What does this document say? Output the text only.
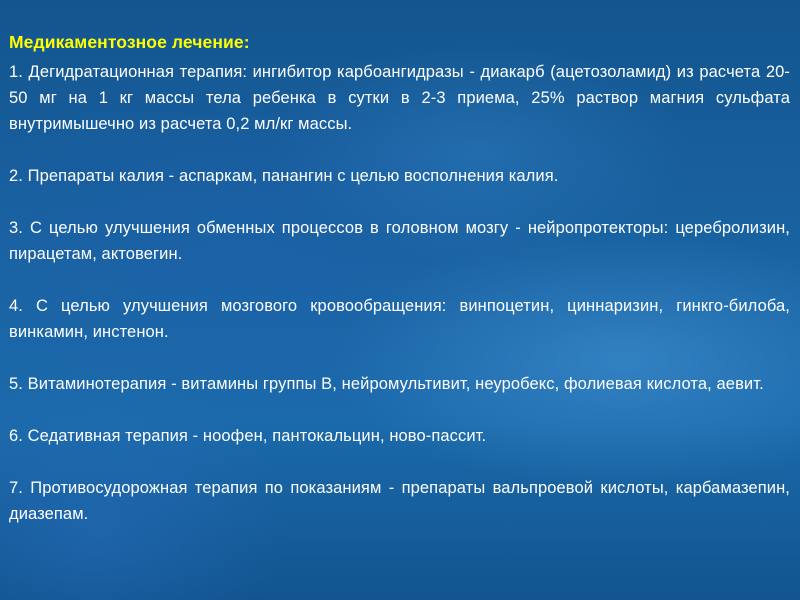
Медикаментозное лечение:
1. Дегидратационная терапия: ингибитор карбоангидразы - диакарб (ацетозоламид) из расчета 20-50 мг на 1 кг массы тела ребенка в сутки в 2-3 приема, 25% раствор магния сульфата внутримышечно из расчета 0,2 мл/кг массы.
2. Препараты калия - аспаркам, панангин с целью восполнения калия.
3. С целью улучшения обменных процессов в головном мозгу - нейропротекторы: церебролизин, пирацетам, актовегин.
4. С целью улучшения мозгового кровообращения: винпоцетин, циннаризин, гинкго-билоба, винкамин, инстенон.
5. Витаминотерапия - витамины группы В, нейромультивит, неуробекс, фолиевая кислота, аевит.
6. Седативная терапия - ноофен, пантокальцин, ново-пассит.
7. Противосудорожная терапия по показаниям - препараты вальпроевой кислоты, карбамазепин, диазепам.
